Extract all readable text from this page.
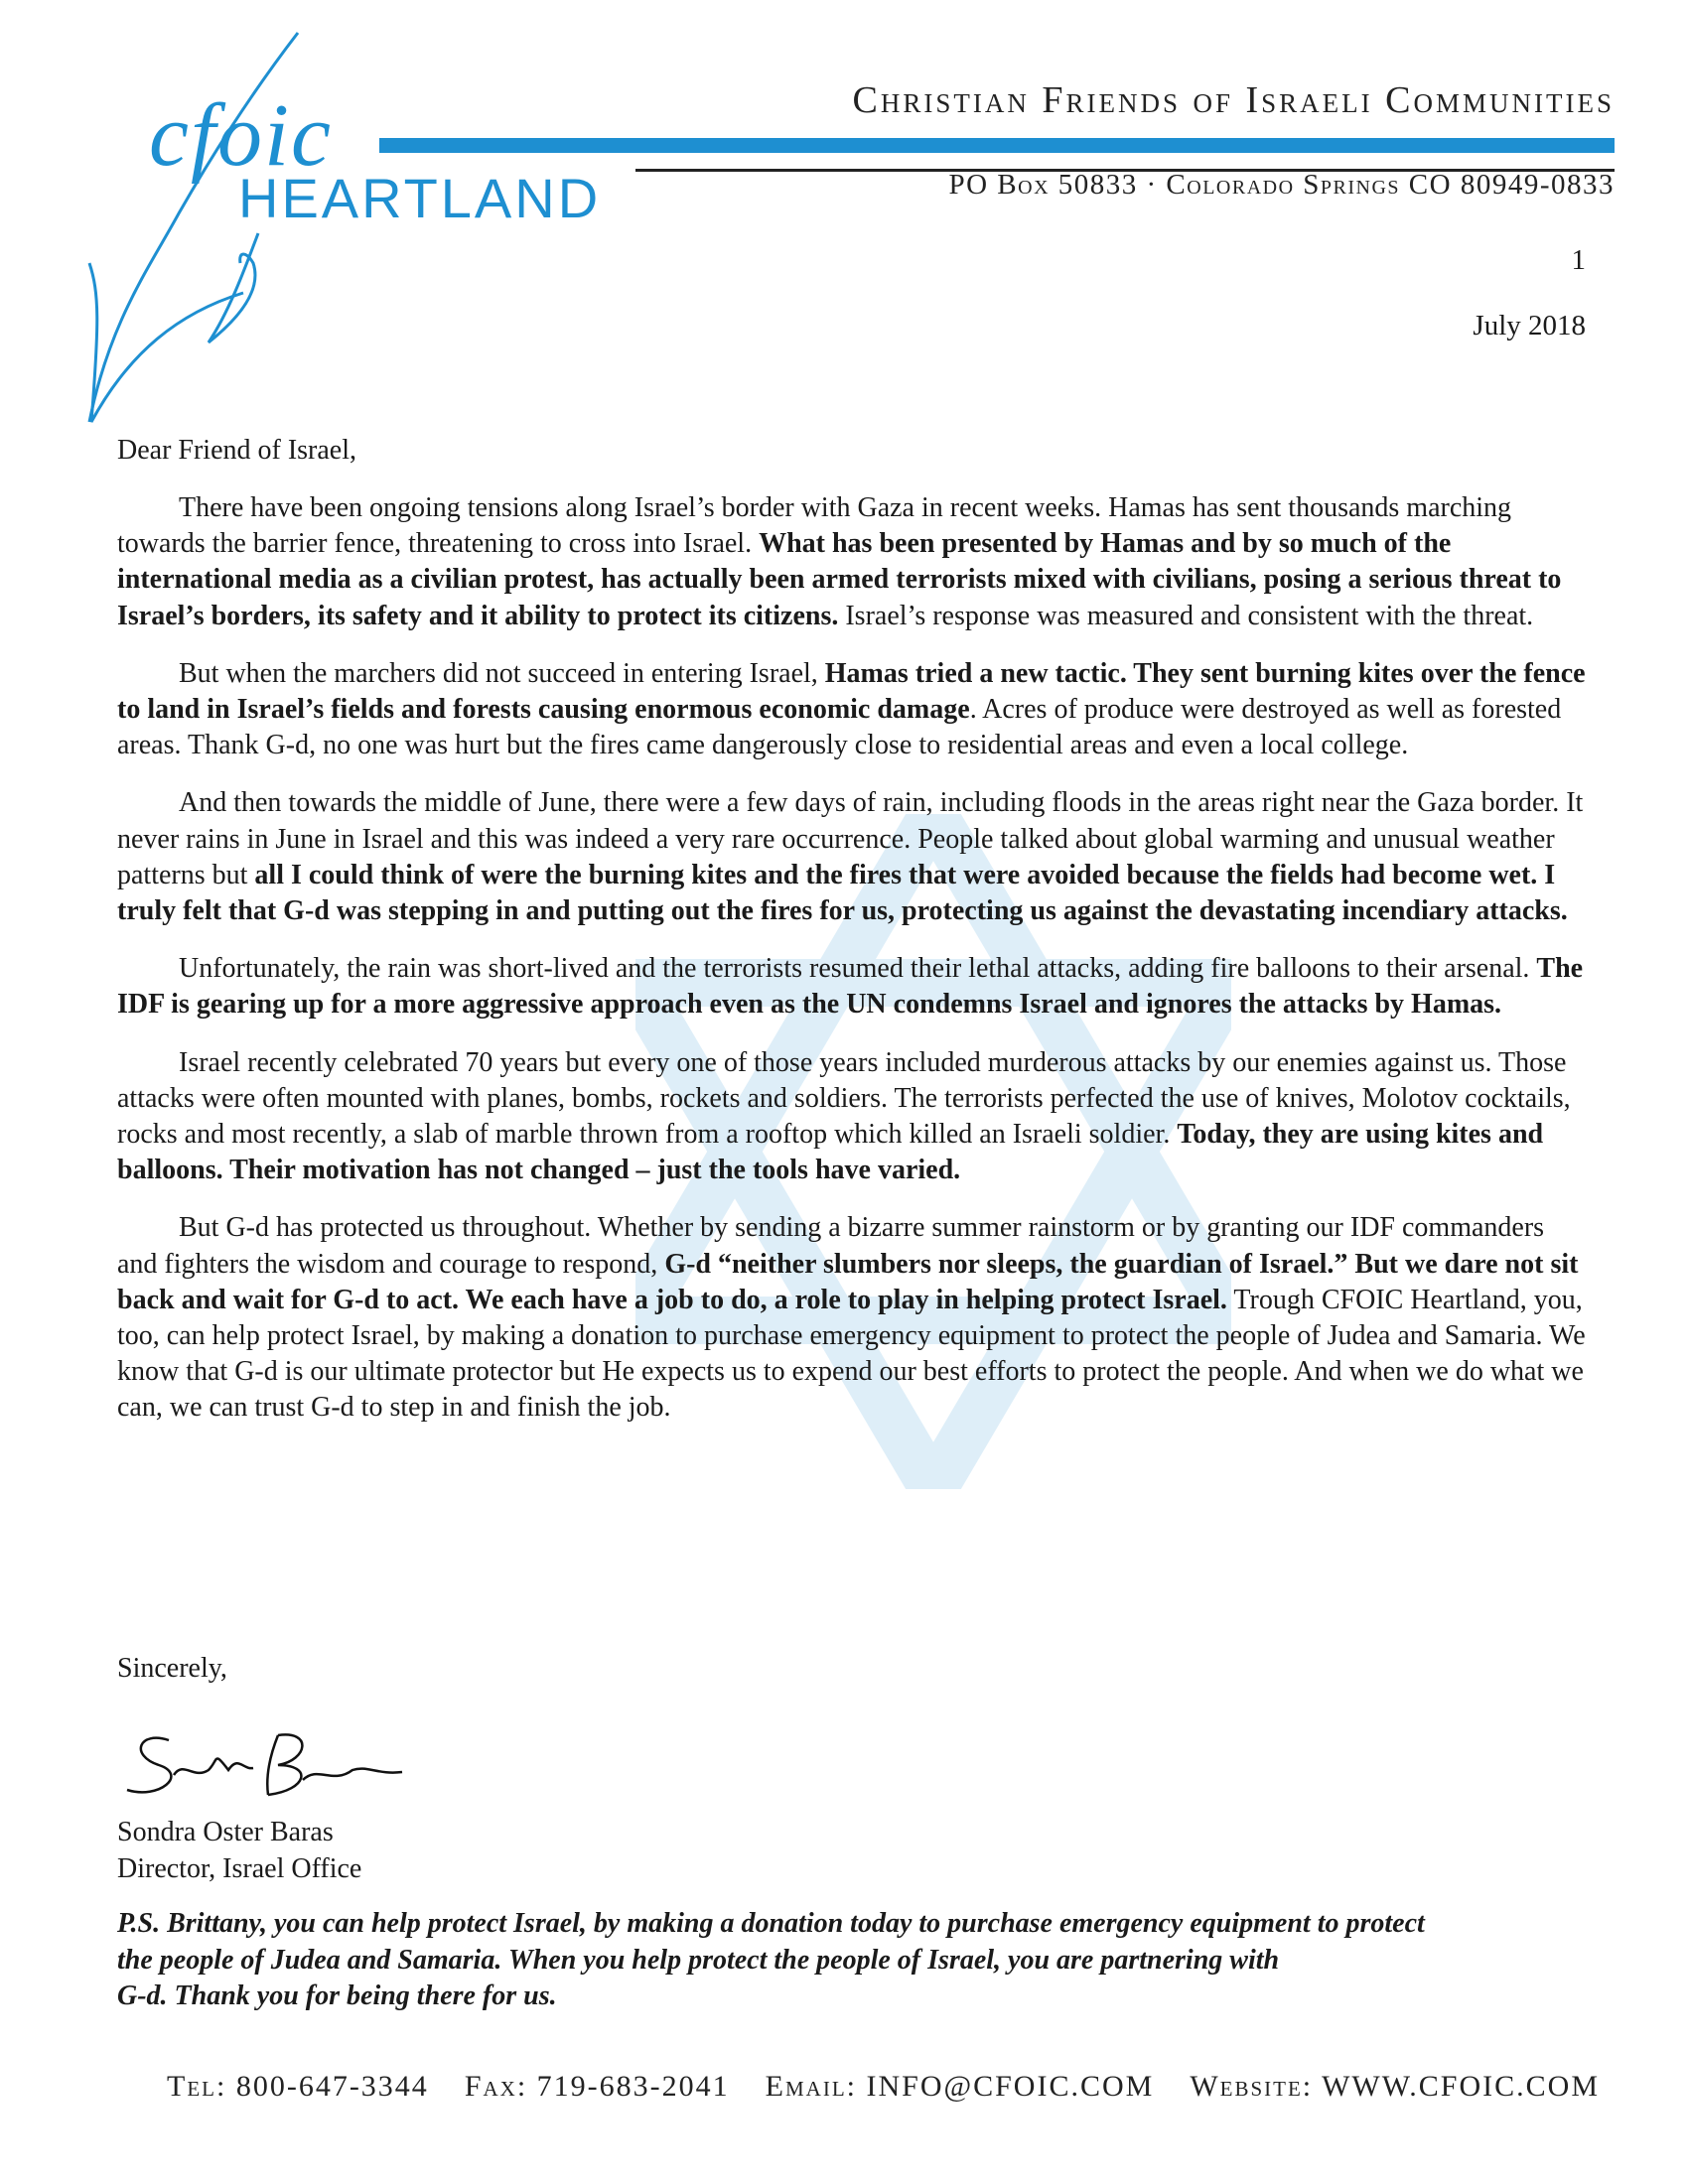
cfoic
HEARTLAND
Christian Friends of Israeli Communities
PO Box 50833 · Colorado Springs CO 80949-0833
1
July 2018
Dear Friend of Israel,

There have been ongoing tensions along Israel’s border with Gaza in recent weeks. Hamas has sent thousands marching towards the barrier fence, threatening to cross into Israel. What has been presented by Hamas and by so much of the international media as a civilian protest, has actually been armed terrorists mixed with civilians, posing a serious threat to Israel’s borders, its safety and it ability to protect its citizens. Israel’s response was measured and consistent with the threat.

But when the marchers did not succeed in entering Israel, Hamas tried a new tactic. They sent burning kites over the fence to land in Israel’s fields and forests causing enormous economic damage. Acres of produce were destroyed as well as forested areas. Thank G-d, no one was hurt but the fires came dangerously close to residential areas and even a local college.

And then towards the middle of June, there were a few days of rain, including floods in the areas right near the Gaza border. It never rains in June in Israel and this was indeed a very rare occurrence. People talked about global warming and unusual weather patterns but all I could think of were the burning kites and the fires that were avoided because the fields had become wet. I truly felt that G-d was stepping in and putting out the fires for us, protecting us against the devastating incendiary attacks.

Unfortunately, the rain was short-lived and the terrorists resumed their lethal attacks, adding fire balloons to their arsenal. The IDF is gearing up for a more aggressive approach even as the UN condemns Israel and ignores the attacks by Hamas.

Israel recently celebrated 70 years but every one of those years included murderous attacks by our enemies against us. Those attacks were often mounted with planes, bombs, rockets and soldiers. The terrorists perfected the use of knives, Molotov cocktails, rocks and most recently, a slab of marble thrown from a rooftop which killed an Israeli soldier. Today, they are using kites and balloons. Their motivation has not changed – just the tools have varied.

But G-d has protected us throughout. Whether by sending a bizarre summer rainstorm or by granting our IDF commanders and fighters the wisdom and courage to respond, G-d “neither slumbers nor sleeps, the guardian of Israel.” But we dare not sit back and wait for G-d to act. We each have a job to do, a role to play in helping protect Israel. Trough CFOIC Heartland, you, too, can help protect Israel, by making a donation to purchase emergency equipment to protect the people of Judea and Samaria. We know that G-d is our ultimate protector but He expects us to expend our best efforts to protect the people. And when we do what we can, we can trust G-d to step in and finish the job.

Sincerely,
Sondra Oster Baras
Director, Israel Office
P.S. Brittany, you can help protect Israel, by making a donation today to purchase emergency equipment to protect
the people of Judea and Samaria. When you help protect the people of Israel, you are partnering with
G-d. Thank you for being there for us.
Tel: 800-647-3344 Fax: 719-683-2041 Email: INFO@CFOIC.COM Website: WWW.CFOIC.COM
